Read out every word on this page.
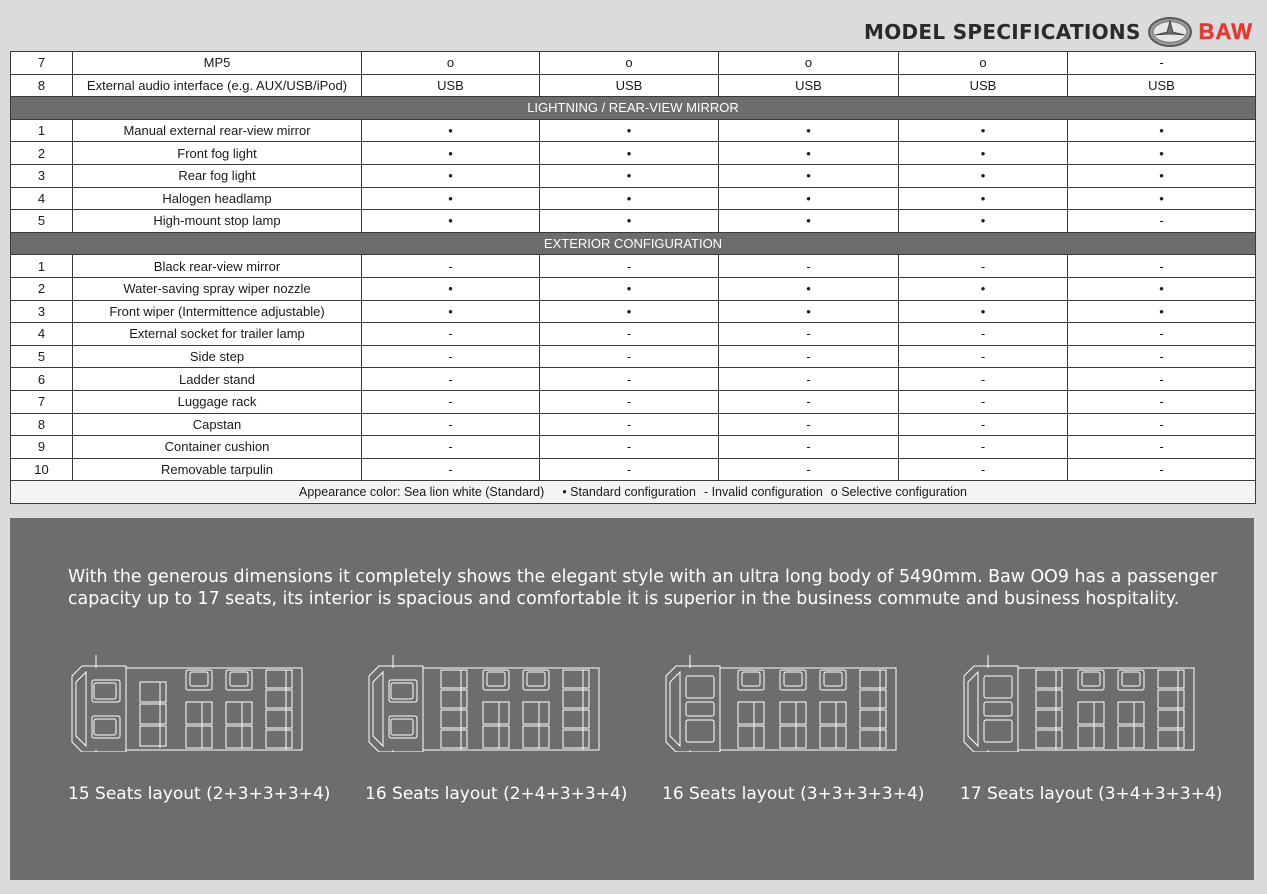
MODEL SPECIFICATIONS	BAW
7	MP5	o	o	o	o	-
8	External audio interface (e.g. AUX/USB/iPod)	USB	USB	USB	USB	USB
LIGHTNING / REAR-VIEW MIRROR						
1	Manual external rear-view mirror	•	•	•	•	•
2	Front fog light	•	•	•	•	•
3	Rear fog light	•	•	•	•	•
4	Halogen headlamp	•	•	•	•	•
5	High-mount stop lamp	•	•	•	•	-
EXTERIOR CONFIGURATION						
1	Black rear-view mirror	-	-	-	-	-
2	Water-saving spray wiper nozzle	•	•	•	•	•
3	Front wiper (Intermittence adjustable)	•	•	•	•	•
4	External socket for trailer lamp	-	-	-	-	-
5	Side step	-	-	-	-	-
6	Ladder stand	-	-	-	-	-
7	Luggage rack	-	-	-	-	-
8	Capstan	-	-	-	-	-
9	Container cushion	-	-	-	-	-
10	Removable tarpulin	-	-	-	-	-
Appearance color: Sea lion white (Standard) • Standard configuration - Invalid configuration o Selective configuration						
With the generous dimensions it completely shows the elegant style with an ultra long body of 5490mm. Baw OO9 has a passenger capacity up to 17 seats, its interior is spacious and comfortable it is superior in the business commute and business hospitality.
15 Seats layout (2+3+3+3+4) 16 Seats layout (2+4+3+3+4) 16 Seats layout (3+3+3+3+4) 17 Seats layout (3+4+3+3+4)
